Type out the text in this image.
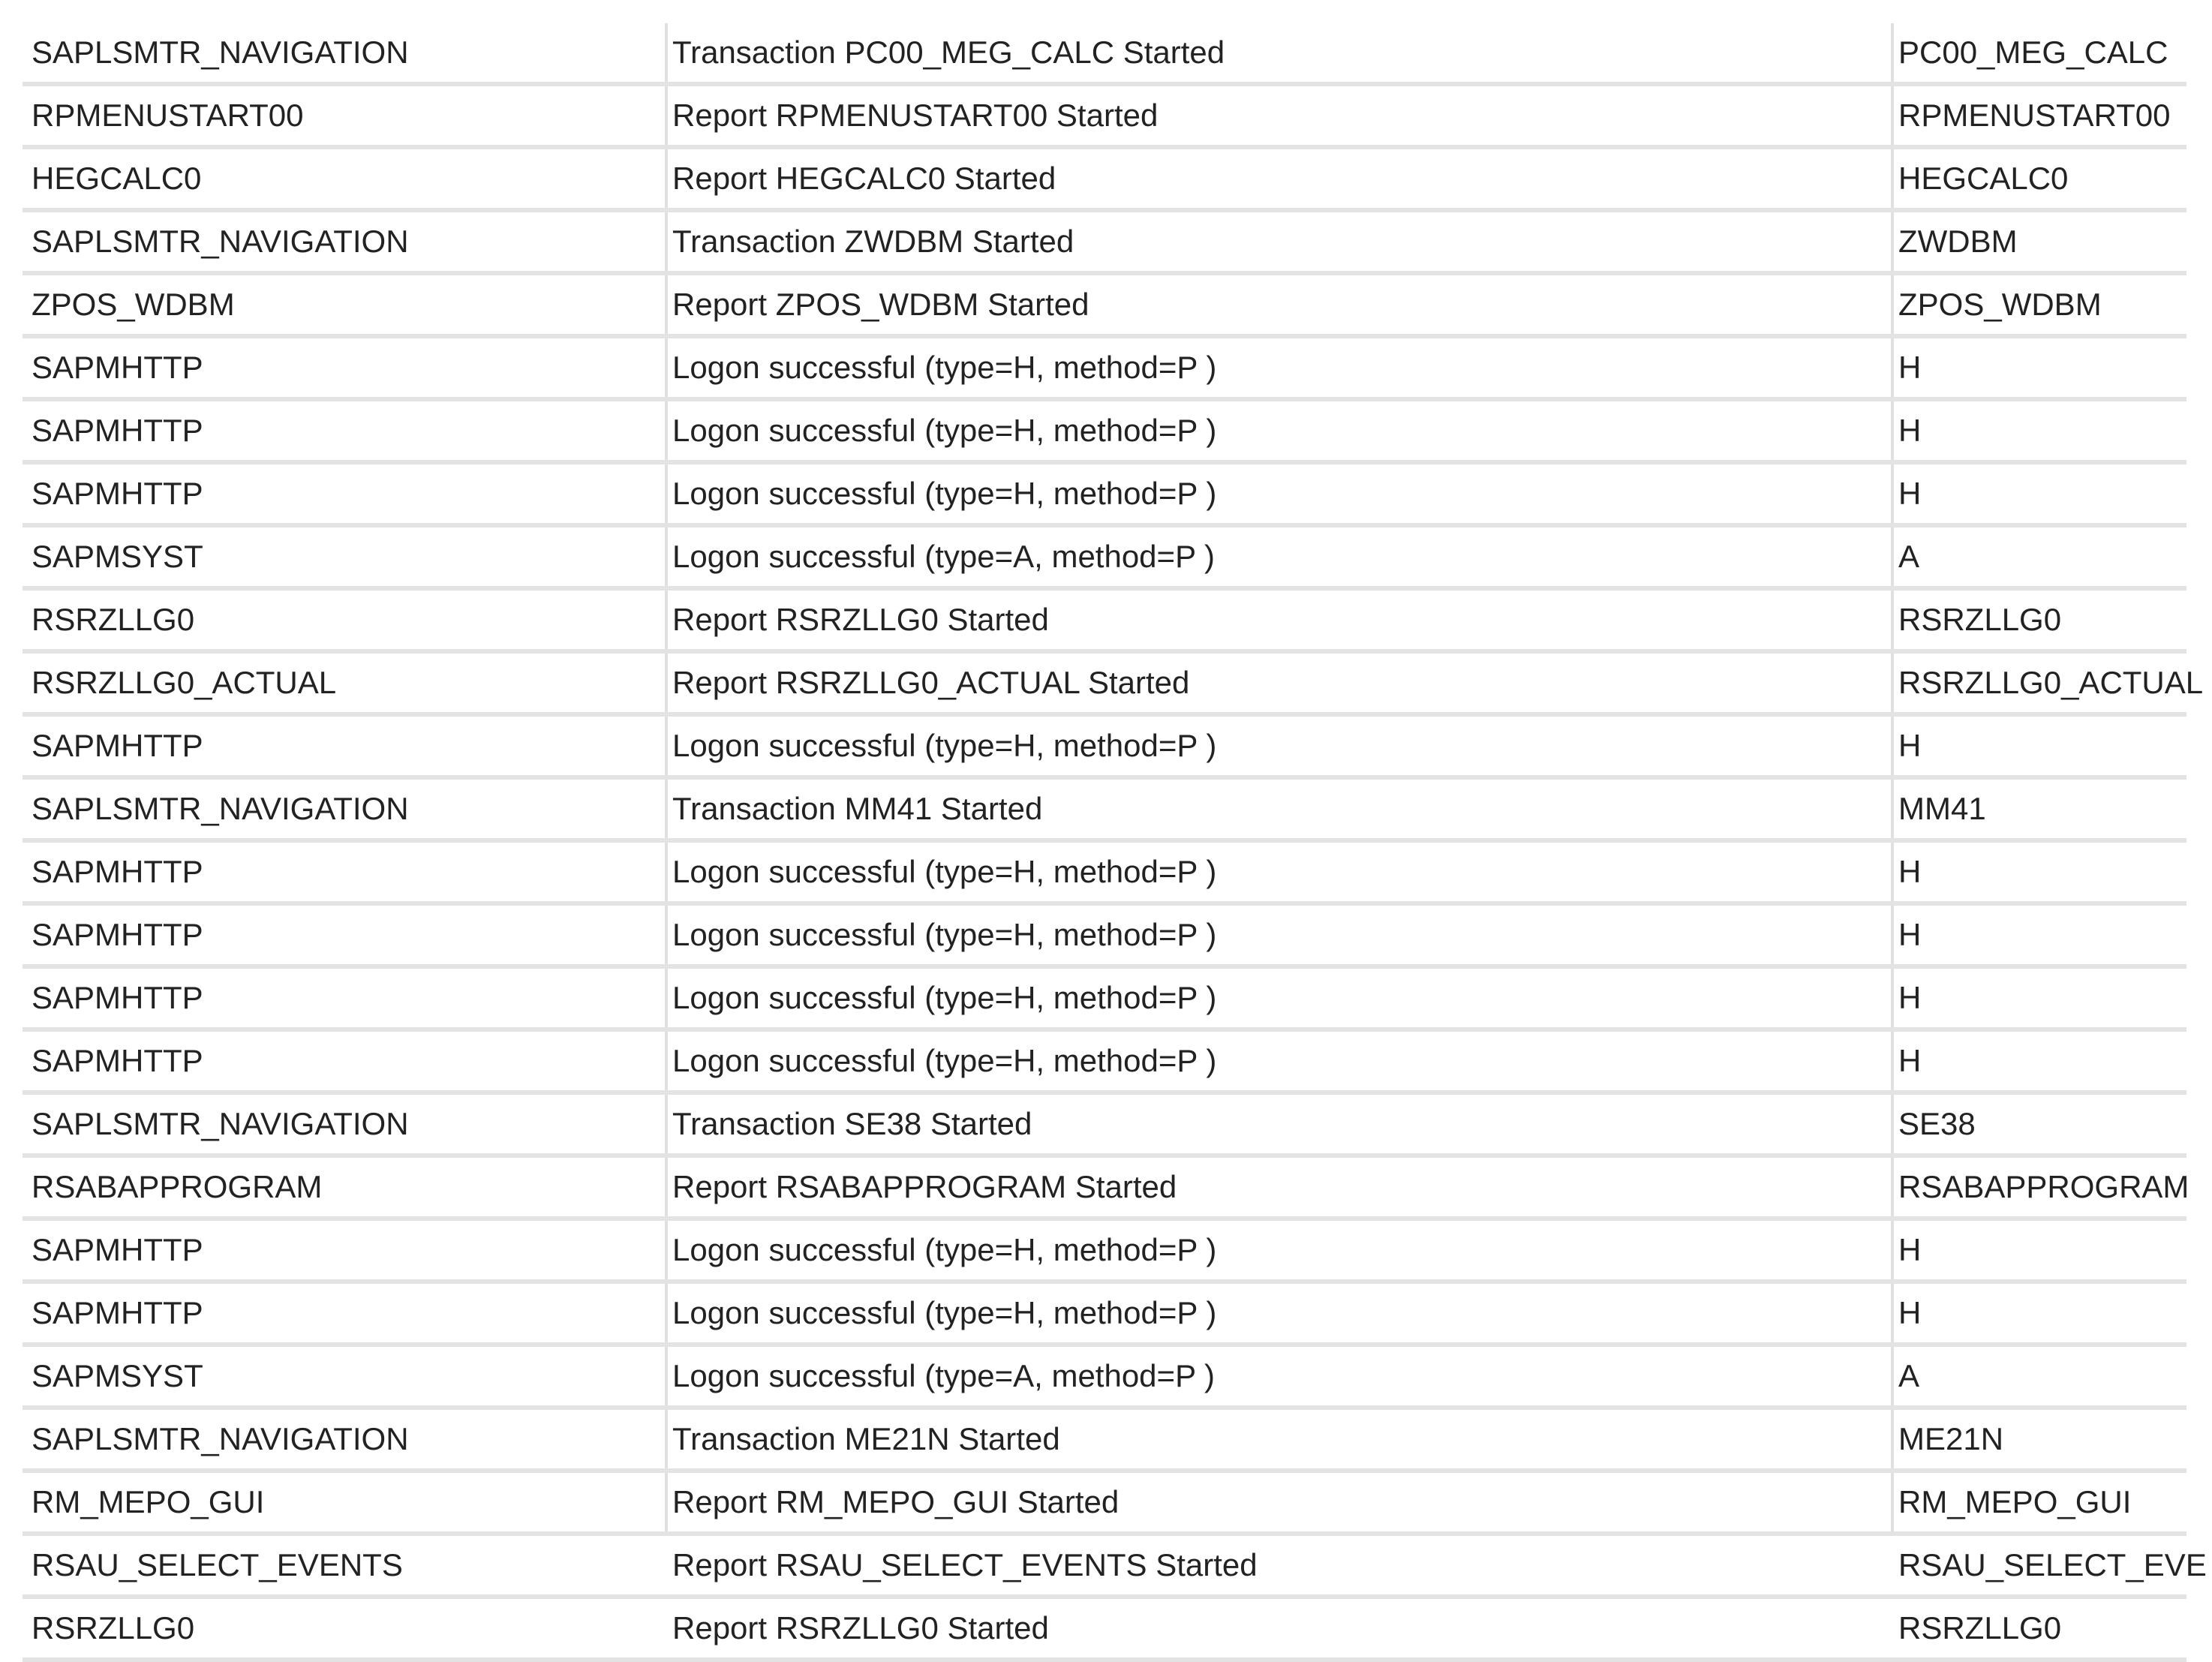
SAPLSMTR_NAVIGATION	Transaction PC00_MEG_CALC Started	PC00_MEG_CALC
RPMENUSTART00	Report RPMENUSTART00 Started	RPMENUSTART00
HEGCALC0	Report HEGCALC0 Started	HEGCALC0
SAPLSMTR_NAVIGATION	Transaction ZWDBM Started	ZWDBM
ZPOS_WDBM	Report ZPOS_WDBM Started	ZPOS_WDBM
SAPMHTTP	Logon successful (type=H, method=P )	H
SAPMHTTP	Logon successful (type=H, method=P )	H
SAPMHTTP	Logon successful (type=H, method=P )	H
SAPMSYST	Logon successful (type=A, method=P )	A
RSRZLLG0	Report RSRZLLG0 Started	RSRZLLG0
RSRZLLG0_ACTUAL	Report RSRZLLG0_ACTUAL Started	RSRZLLG0_ACTUAL
SAPMHTTP	Logon successful (type=H, method=P )	H
SAPLSMTR_NAVIGATION	Transaction MM41 Started	MM41
SAPMHTTP	Logon successful (type=H, method=P )	H
SAPMHTTP	Logon successful (type=H, method=P )	H
SAPMHTTP	Logon successful (type=H, method=P )	H
SAPMHTTP	Logon successful (type=H, method=P )	H
SAPLSMTR_NAVIGATION	Transaction SE38 Started	SE38
RSABAPPROGRAM	Report RSABAPPROGRAM Started	RSABAPPROGRAM
SAPMHTTP	Logon successful (type=H, method=P )	H
SAPMHTTP	Logon successful (type=H, method=P )	H
SAPMSYST	Logon successful (type=A, method=P )	A
SAPLSMTR_NAVIGATION	Transaction ME21N Started	ME21N
RM_MEPO_GUI	Report RM_MEPO_GUI Started	RM_MEPO_GUI
RSAU_SELECT_EVENTS	Report RSAU_SELECT_EVENTS Started	RSAU_SELECT_EVE
RSRZLLG0	Report RSRZLLG0 Started	RSRZLLG0
